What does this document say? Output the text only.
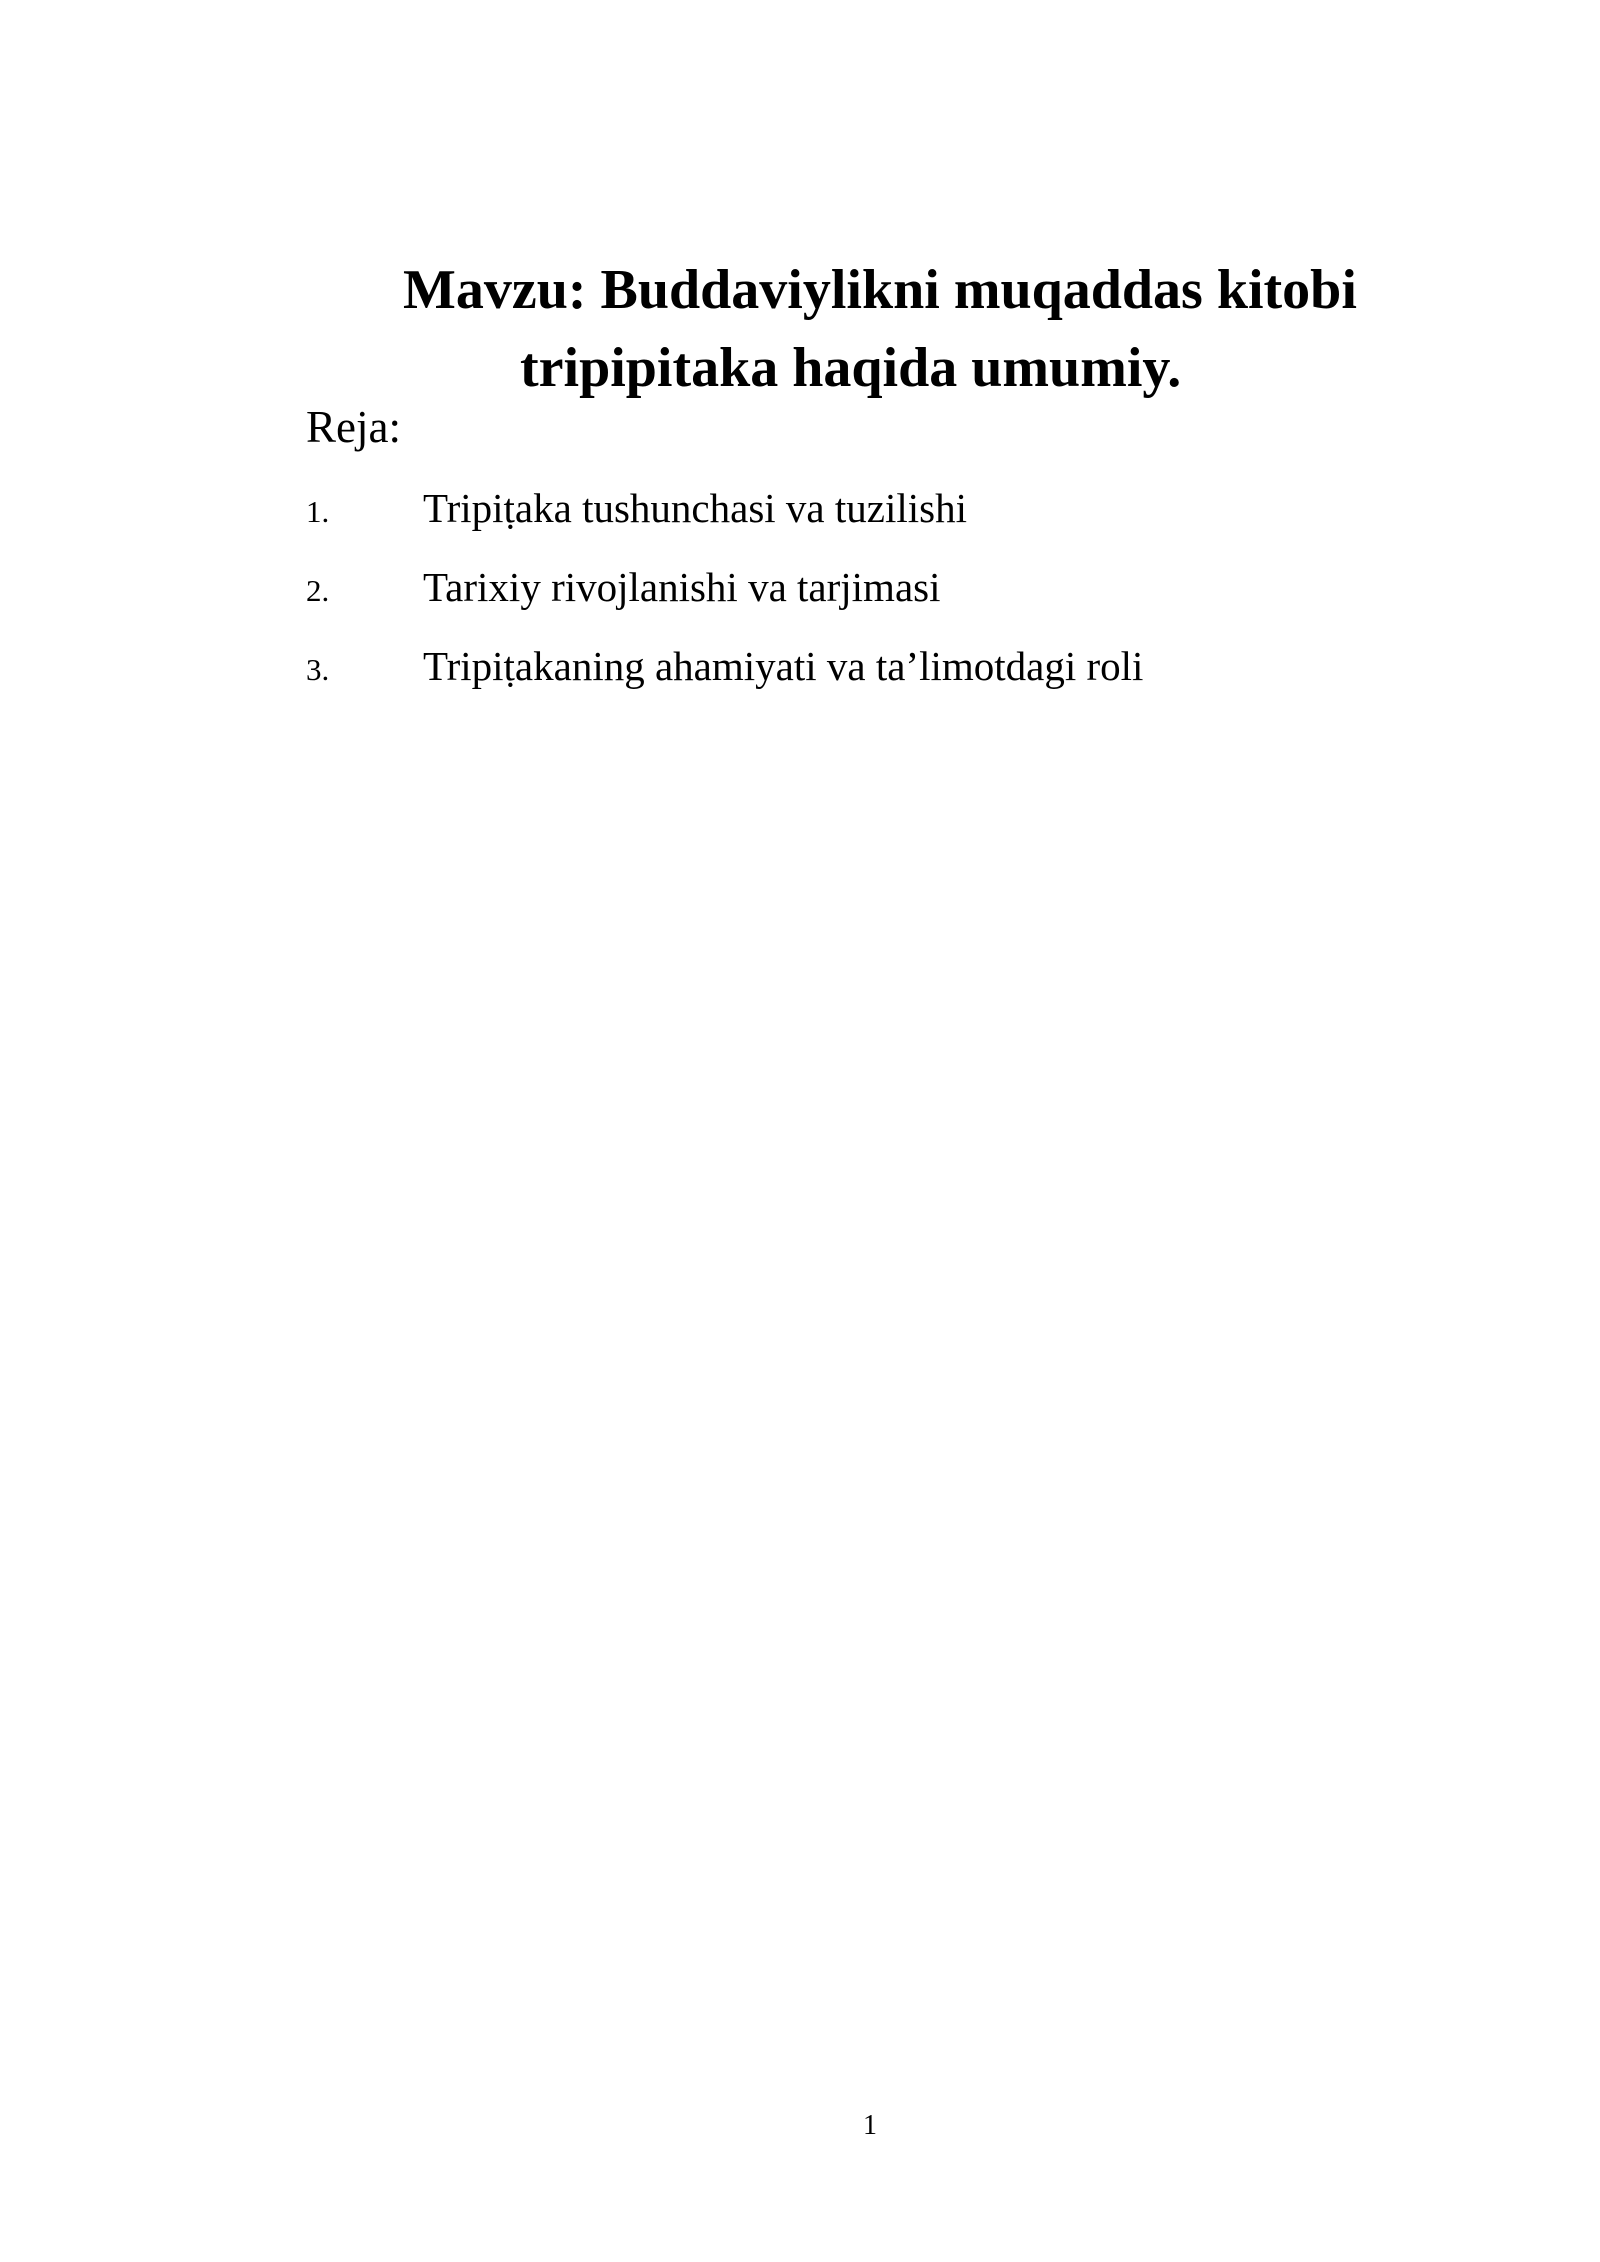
Mavzu: Buddaviylikni muqaddas kitobi
tripipitaka haqida umumiy.
Reja:
1. Tripiṭaka tushunchasi va tuzilishi
2. Tarixiy rivojlanishi va tarjimasi
3. Tripiṭakaning ahamiyati va ta’limotdagi roli
1
